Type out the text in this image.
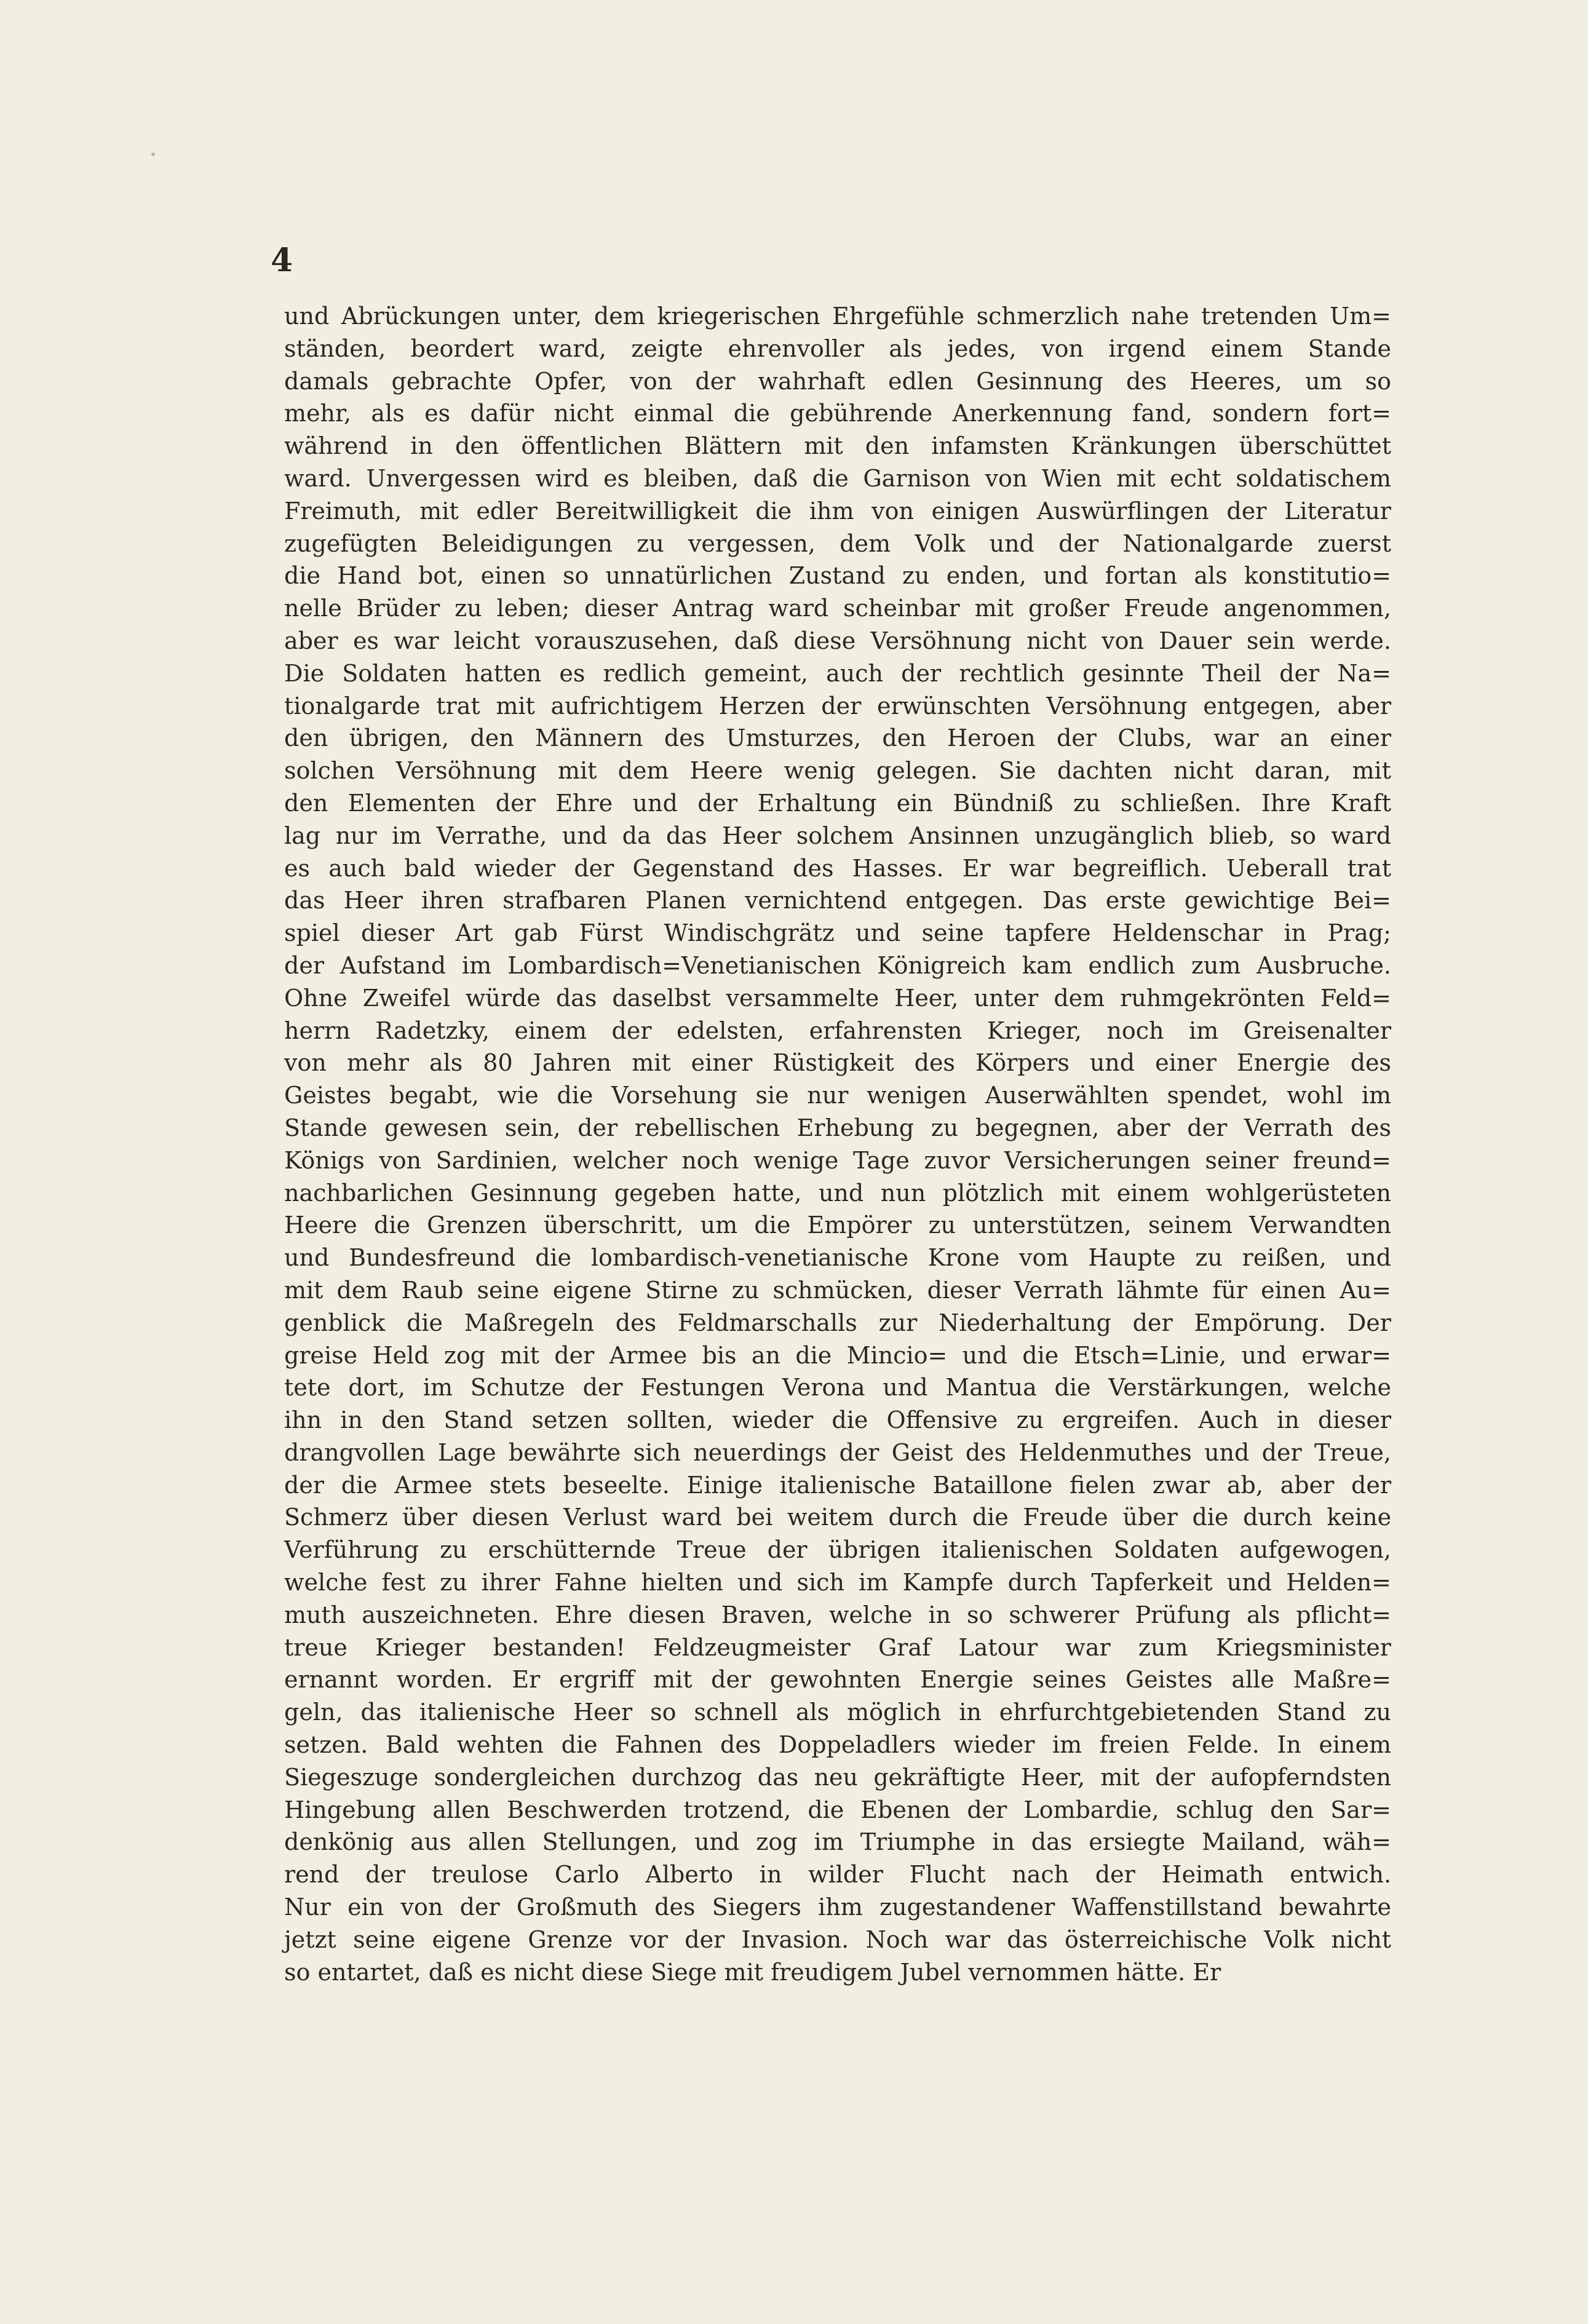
4
und Abrückungen unter, dem kriegerischen Ehrgefühle schmerzlich nahe tretenden Um=
ständen, beordert ward, zeigte ehrenvoller als jedes, von irgend einem Stande
damals gebrachte Opfer, von der wahrhaft edlen Gesinnung des Heeres, um so
mehr, als es dafür nicht einmal die gebührende Anerkennung fand, sondern fort=
während in den öffentlichen Blättern mit den infamsten Kränkungen überschüttet
ward. Unvergessen wird es bleiben, daß die Garnison von Wien mit echt soldatischem
Freimuth, mit edler Bereitwilligkeit die ihm von einigen Auswürflingen der Literatur
zugefügten Beleidigungen zu vergessen, dem Volk und der Nationalgarde zuerst
die Hand bot, einen so unnatürlichen Zustand zu enden, und fortan als konstitutio=
nelle Brüder zu leben; dieser Antrag ward scheinbar mit großer Freude angenommen,
aber es war leicht vorauszusehen, daß diese Versöhnung nicht von Dauer sein werde.
Die Soldaten hatten es redlich gemeint, auch der rechtlich gesinnte Theil der Na=
tionalgarde trat mit aufrichtigem Herzen der erwünschten Versöhnung entgegen, aber
den übrigen, den Männern des Umsturzes, den Heroen der Clubs, war an einer
solchen Versöhnung mit dem Heere wenig gelegen. Sie dachten nicht daran, mit
den Elementen der Ehre und der Erhaltung ein Bündniß zu schließen. Ihre Kraft
lag nur im Verrathe, und da das Heer solchem Ansinnen unzugänglich blieb, so ward
es auch bald wieder der Gegenstand des Hasses. Er war begreiflich. Ueberall trat
das Heer ihren strafbaren Planen vernichtend entgegen. Das erste gewichtige Bei=
spiel dieser Art gab Fürst Windischgrätz und seine tapfere Heldenschar in Prag;
der Aufstand im Lombardisch=Venetianischen Königreich kam endlich zum Ausbruche.
Ohne Zweifel würde das daselbst versammelte Heer, unter dem ruhmgekrönten Feld=
herrn Radetzky, einem der edelsten, erfahrensten Krieger, noch im Greisenalter
von mehr als 80 Jahren mit einer Rüstigkeit des Körpers und einer Energie des
Geistes begabt, wie die Vorsehung sie nur wenigen Auserwählten spendet, wohl im
Stande gewesen sein, der rebellischen Erhebung zu begegnen, aber der Verrath des
Königs von Sardinien, welcher noch wenige Tage zuvor Versicherungen seiner freund=
nachbarlichen Gesinnung gegeben hatte, und nun plötzlich mit einem wohlgerüsteten
Heere die Grenzen überschritt, um die Empörer zu unterstützen, seinem Verwandten
und Bundesfreund die lombardisch-venetianische Krone vom Haupte zu reißen, und
mit dem Raub seine eigene Stirne zu schmücken, dieser Verrath lähmte für einen Au=
genblick die Maßregeln des Feldmarschalls zur Niederhaltung der Empörung. Der
greise Held zog mit der Armee bis an die Mincio= und die Etsch=Linie, und erwar=
tete dort, im Schutze der Festungen Verona und Mantua die Verstärkungen, welche
ihn in den Stand setzen sollten, wieder die Offensive zu ergreifen. Auch in dieser
drangvollen Lage bewährte sich neuerdings der Geist des Heldenmuthes und der Treue,
der die Armee stets beseelte. Einige italienische Bataillone fielen zwar ab, aber der
Schmerz über diesen Verlust ward bei weitem durch die Freude über die durch keine
Verführung zu erschütternde Treue der übrigen italienischen Soldaten aufgewogen,
welche fest zu ihrer Fahne hielten und sich im Kampfe durch Tapferkeit und Helden=
muth auszeichneten. Ehre diesen Braven, welche in so schwerer Prüfung als pflicht=
treue Krieger bestanden! Feldzeugmeister Graf Latour war zum Kriegsminister
ernannt worden. Er ergriff mit der gewohnten Energie seines Geistes alle Maßre=
geln, das italienische Heer so schnell als möglich in ehrfurchtgebietenden Stand zu
setzen. Bald wehten die Fahnen des Doppeladlers wieder im freien Felde. In einem
Siegeszuge sondergleichen durchzog das neu gekräftigte Heer, mit der aufopferndsten
Hingebung allen Beschwerden trotzend, die Ebenen der Lombardie, schlug den Sar=
denkönig aus allen Stellungen, und zog im Triumphe in das ersiegte Mailand, wäh=
rend der treulose Carlo Alberto in wilder Flucht nach der Heimath entwich.
Nur ein von der Großmuth des Siegers ihm zugestandener Waffenstillstand bewahrte
jetzt seine eigene Grenze vor der Invasion. Noch war das österreichische Volk nicht
so entartet, daß es nicht diese Siege mit freudigem Jubel vernommen hätte. Er
